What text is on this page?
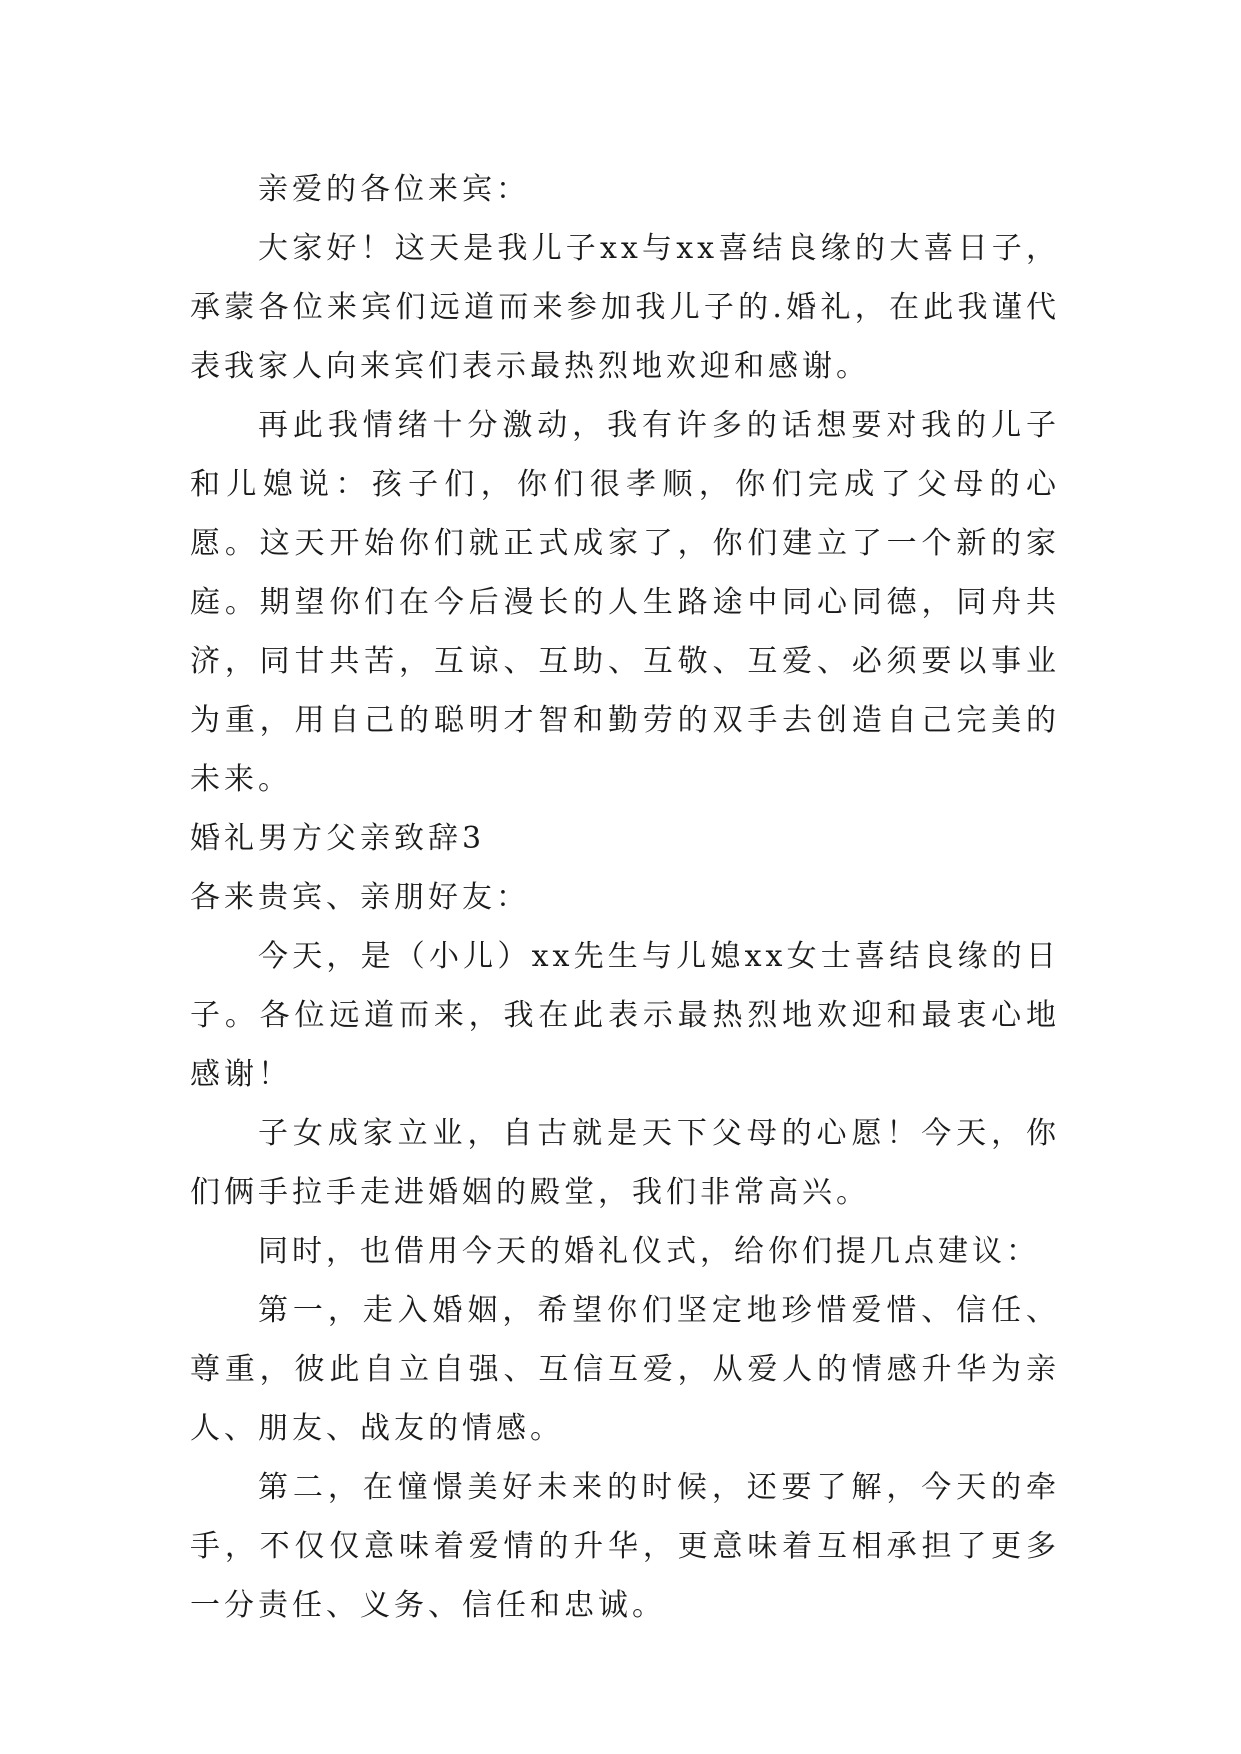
亲爱的各位来宾：

大家好！这天是我儿子xx与xx喜结良缘的大喜日子，承蒙各位来宾们远道而来参加我儿子的.婚礼，在此我谨代表我家人向来宾们表示最热烈地欢迎和感谢。

再此我情绪十分激动，我有许多的话想要对我的儿子和儿媳说：孩子们，你们很孝顺，你们完成了父母的心愿。这天开始你们就正式成家了，你们建立了一个新的家庭。期望你们在今后漫长的人生路途中同心同德，同舟共济，同甘共苦，互谅、互助、互敬、互爱、必须要以事业为重，用自己的聪明才智和勤劳的双手去创造自己完美的未来。

婚礼男方父亲致辞3

各来贵宾、亲朋好友：

今天，是（小儿）xx先生与儿媳xx女士喜结良缘的日子。各位远道而来，我在此表示最热烈地欢迎和最衷心地感谢！

子女成家立业，自古就是天下父母的心愿！今天，你们俩手拉手走进婚姻的殿堂，我们非常高兴。

同时，也借用今天的婚礼仪式，给你们提几点建议：

第一，走入婚姻，希望你们坚定地珍惜爱惜、信任、尊重，彼此自立自强、互信互爱，从爱人的情感升华为亲人、朋友、战友的情感。

第二，在憧憬美好未来的时候，还要了解，今天的牵手，不仅仅意味着爱情的升华，更意味着互相承担了更多一分责任、义务、信任和忠诚。
